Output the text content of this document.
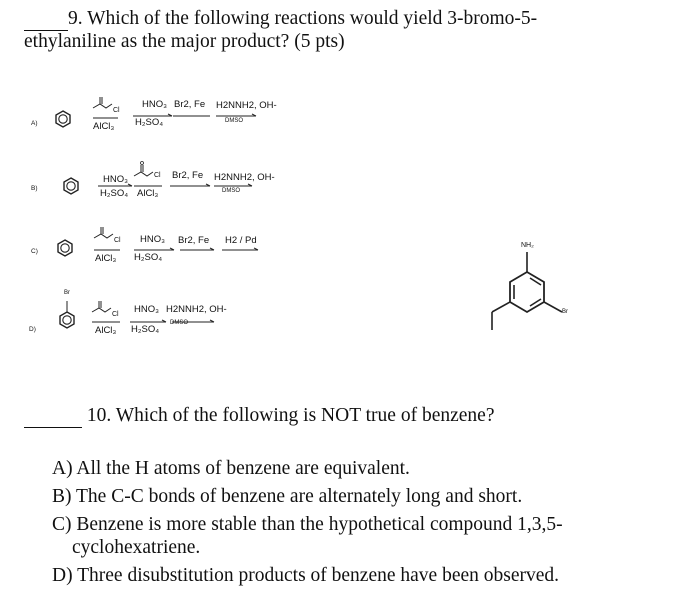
9. Which of the following reactions would yield 3-bromo-5-
ethylaniline as the major product? (5 pts)
A)
Cl
AlCl₃
HNO₃
H₂SO₄
Br2, Fe H2NNH2, OH-
DMSO
B)
HNO₃
H₂SO₄
Cl
AlCl₃
Br2, Fe H2NNH2, OH-
DMSO
C)
Cl
AlCl₃
HNO₃
H₂SO₄
Br2, Fe H2 / Pd
D)
Br
Cl
AlCl₃
HNO₃
H₂SO₄
H2NNH2, OH-
DMSO
NH₂
Br
10. Which of the following is NOT true of benzene?
A) All the H atoms of benzene are equivalent.
B) The C-C bonds of benzene are alternately long and short.
C) Benzene is more stable than the hypothetical compound 1,3,5-
cyclohexatriene.
D) Three disubstitution products of benzene have been observed.
